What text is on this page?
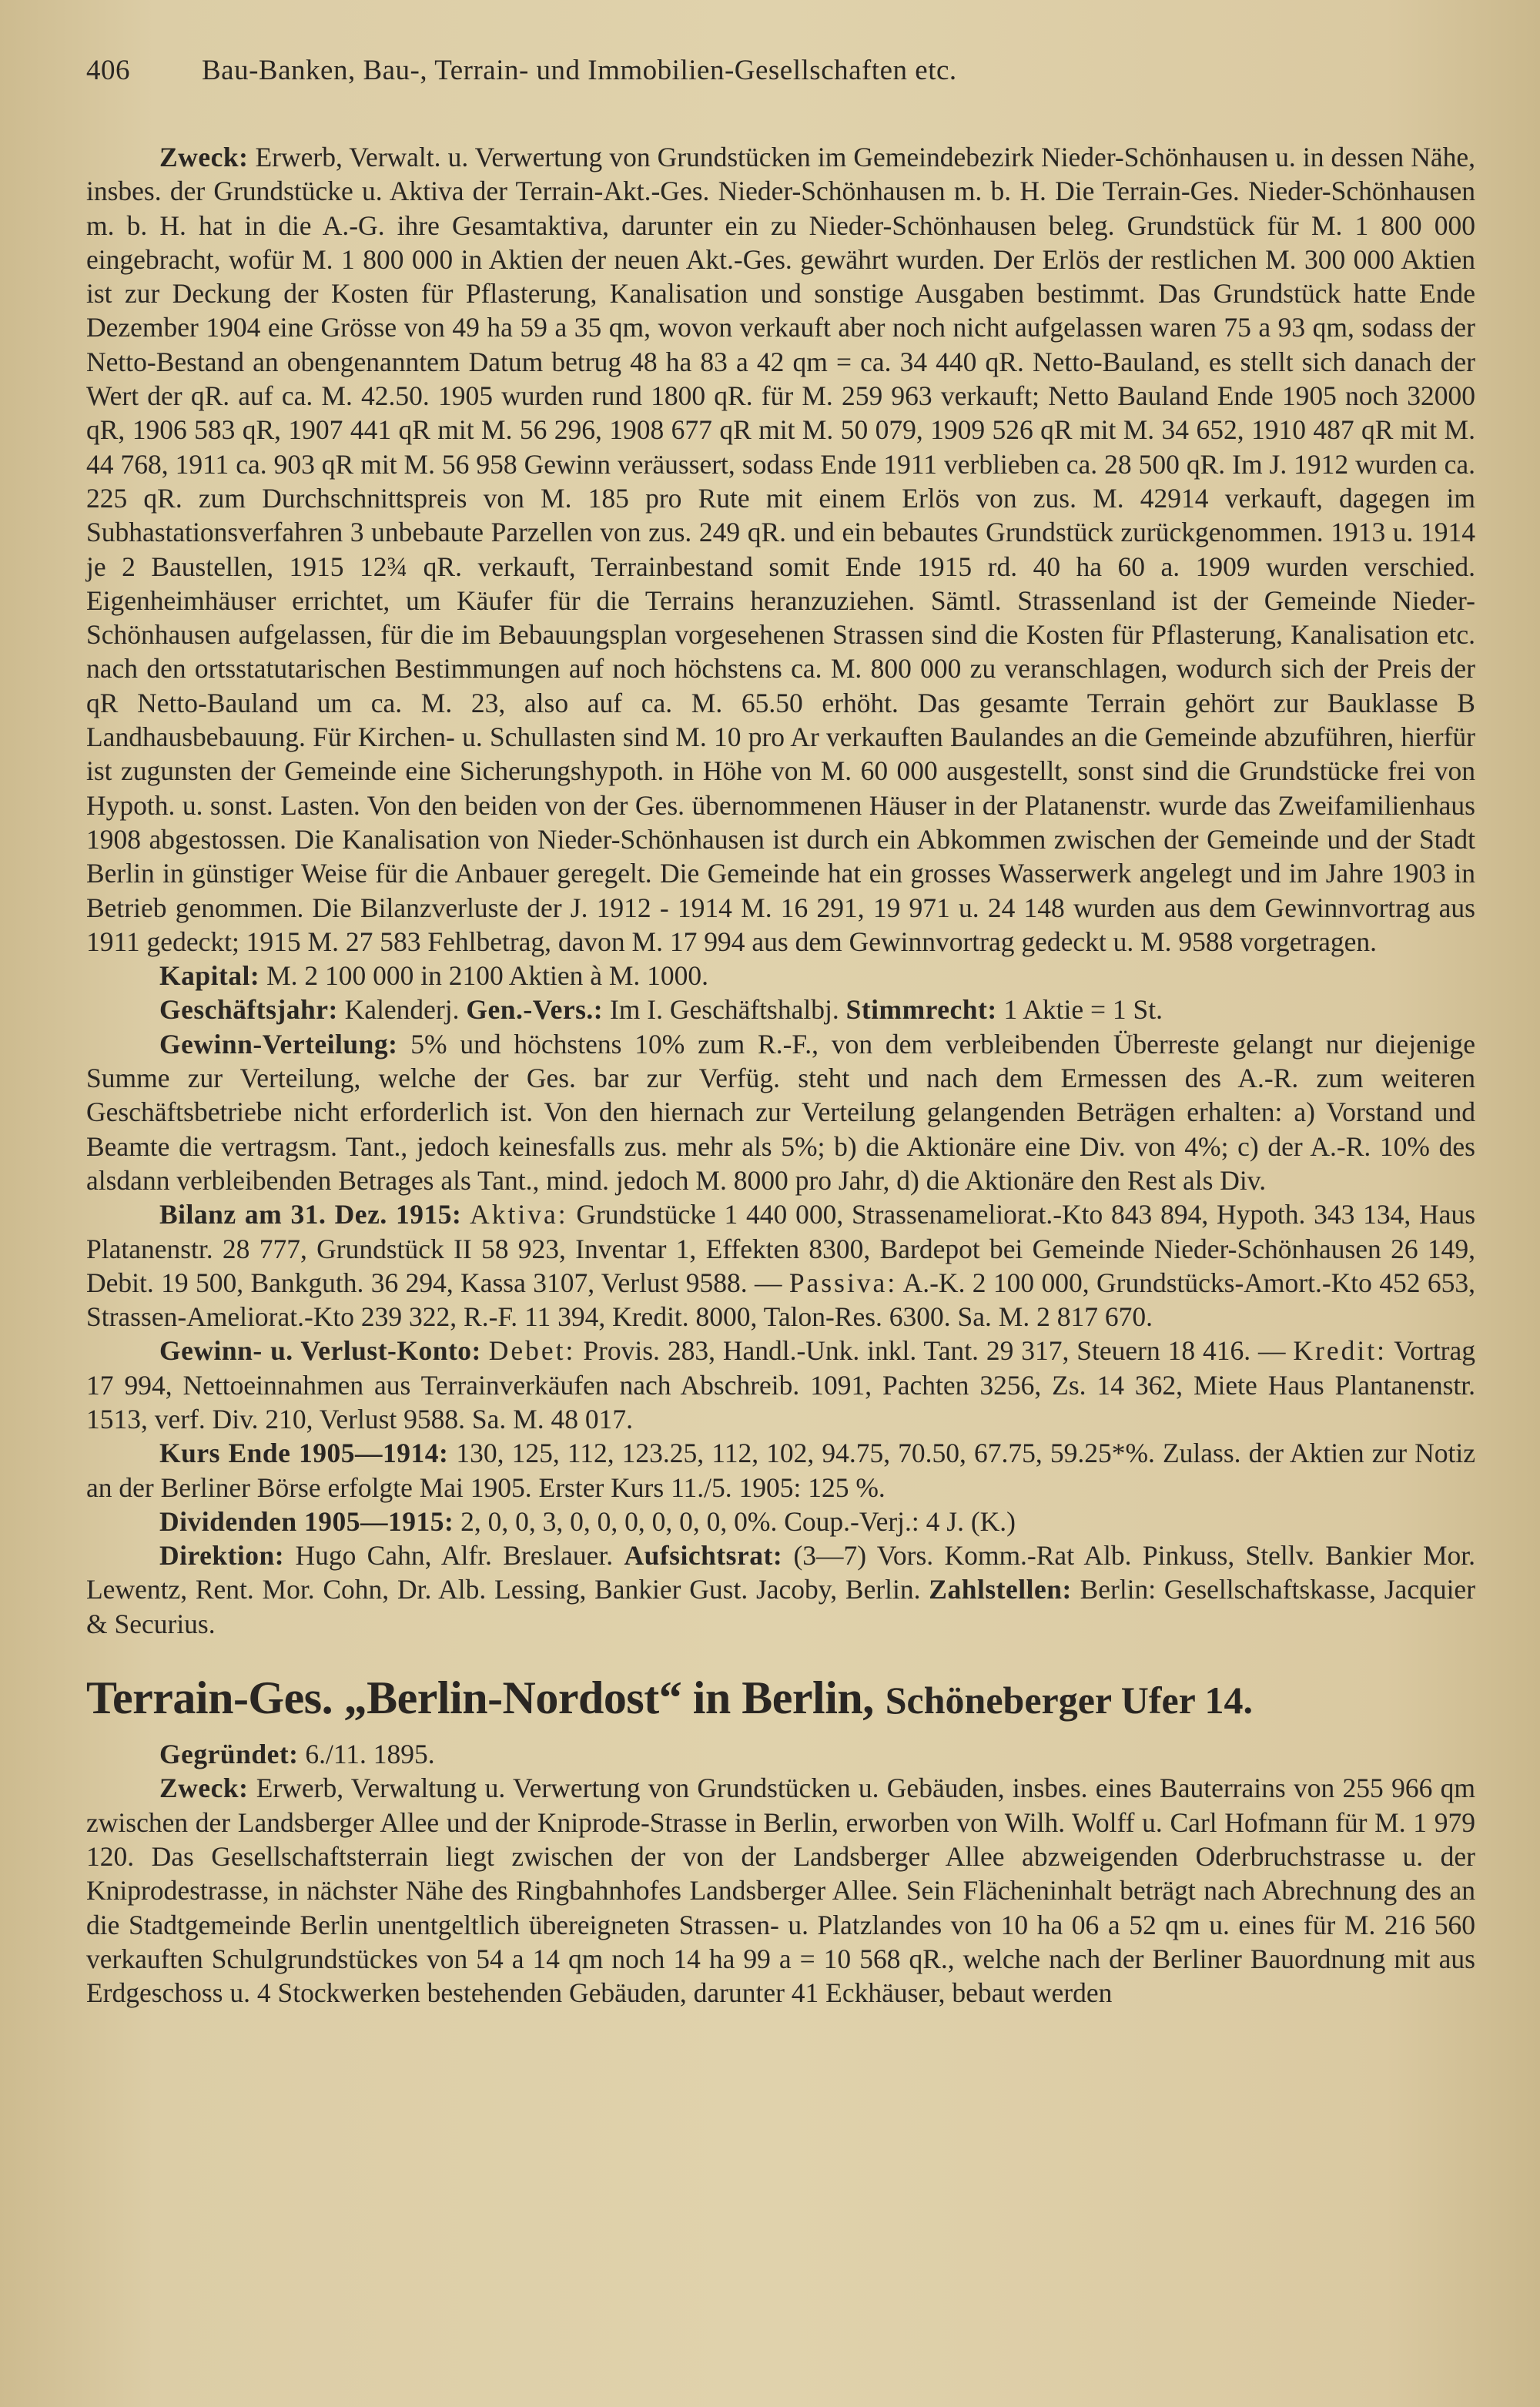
406	Bau-Banken, Bau-, Terrain- und Immobilien-Gesellschaften etc.

Zweck: Erwerb, Verwalt. u. Verwertung von Grundstücken im Gemeindebezirk Nieder-Schönhausen u. in dessen Nähe, insbes. der Grundstücke u. Aktiva der Terrain-Akt.-Ges. Nieder-Schönhausen m. b. H. Die Terrain-Ges. Nieder-Schönhausen m. b. H. hat in die A.-G. ihre Gesamtaktiva, darunter ein zu Nieder-Schönhausen beleg. Grundstück für M. 1 800 000 eingebracht, wofür M. 1 800 000 in Aktien der neuen Akt.-Ges. gewährt wurden. Der Erlös der restlichen M. 300 000 Aktien ist zur Deckung der Kosten für Pflasterung, Kanalisation und sonstige Ausgaben bestimmt. Das Grundstück hatte Ende Dezember 1904 eine Grösse von 49 ha 59 a 35 qm, wovon verkauft aber noch nicht aufgelassen waren 75 a 93 qm, sodass der Netto-Bestand an obengenanntem Datum betrug 48 ha 83 a 42 qm = ca. 34 440 qR. Netto-Bauland, es stellt sich danach der Wert der qR. auf ca. M. 42.50. 1905 wurden rund 1800 qR. für M. 259 963 verkauft; Netto Bauland Ende 1905 noch 32000 qR, 1906 583 qR, 1907 441 qR mit M. 56 296, 1908 677 qR mit M. 50 079, 1909 526 qR mit M. 34 652, 1910 487 qR mit M. 44 768, 1911 ca. 903 qR mit M. 56 958 Gewinn veräussert, sodass Ende 1911 verblieben ca. 28 500 qR. Im J. 1912 wurden ca. 225 qR. zum Durchschnittspreis von M. 185 pro Rute mit einem Erlös von zus. M. 42914 verkauft, dagegen im Subhastationsverfahren 3 unbebaute Parzellen von zus. 249 qR. und ein bebautes Grundstück zurückgenommen. 1913 u. 1914 je 2 Baustellen, 1915 12¾ qR. verkauft, Terrainbestand somit Ende 1915 rd. 40 ha 60 a. 1909 wurden verschied. Eigenheimhäuser errichtet, um Käufer für die Terrains heranzuziehen. Sämtl. Strassenland ist der Gemeinde Nieder-Schönhausen aufgelassen, für die im Bebauungsplan vorgesehenen Strassen sind die Kosten für Pflasterung, Kanalisation etc. nach den ortsstatutarischen Bestimmungen auf noch höchstens ca. M. 800 000 zu veranschlagen, wodurch sich der Preis der qR Netto-Bauland um ca. M. 23, also auf ca. M. 65.50 erhöht. Das gesamte Terrain gehört zur Bauklasse B Landhausbebauung. Für Kirchen- u. Schullasten sind M. 10 pro Ar verkauften Baulandes an die Gemeinde abzuführen, hierfür ist zugunsten der Gemeinde eine Sicherungshypoth. in Höhe von M. 60 000 ausgestellt, sonst sind die Grundstücke frei von Hypoth. u. sonst. Lasten. Von den beiden von der Ges. übernommenen Häuser in der Platanenstr. wurde das Zweifamilienhaus 1908 abgestossen. Die Kanalisation von Nieder-Schönhausen ist durch ein Abkommen zwischen der Gemeinde und der Stadt Berlin in günstiger Weise für die Anbauer geregelt. Die Gemeinde hat ein grosses Wasserwerk angelegt und im Jahre 1903 in Betrieb genommen. Die Bilanzverluste der J. 1912 - 1914 M. 16 291, 19 971 u. 24 148 wurden aus dem Gewinnvortrag aus 1911 gedeckt; 1915 M. 27 583 Fehlbetrag, davon M. 17 994 aus dem Gewinnvortrag gedeckt u. M. 9588 vorgetragen.

Kapital: M. 2 100 000 in 2100 Aktien à M. 1000.

Geschäftsjahr: Kalenderj. Gen.-Vers.: Im I. Geschäftshalbj. Stimmrecht: 1 Aktie = 1 St.

Gewinn-Verteilung: 5% und höchstens 10% zum R.-F., von dem verbleibenden Überreste gelangt nur diejenige Summe zur Verteilung, welche der Ges. bar zur Verfüg. steht und nach dem Ermessen des A.-R. zum weiteren Geschäftsbetriebe nicht erforderlich ist. Von den hiernach zur Verteilung gelangenden Beträgen erhalten: a) Vorstand und Beamte die vertragsm. Tant., jedoch keinesfalls zus. mehr als 5%; b) die Aktionäre eine Div. von 4%; c) der A.-R. 10% des alsdann verbleibenden Betrages als Tant., mind. jedoch M. 8000 pro Jahr, d) die Aktionäre den Rest als Div.

Bilanz am 31. Dez. 1915: Aktiva: Grundstücke 1 440 000, Strassenameliorat.-Kto 843 894, Hypoth. 343 134, Haus Platanenstr. 28 777, Grundstück II 58 923, Inventar 1, Effekten 8300, Bardepot bei Gemeinde Nieder-Schönhausen 26 149, Debit. 19 500, Bankguth. 36 294, Kassa 3107, Verlust 9588. — Passiva: A.-K. 2 100 000, Grundstücks-Amort.-Kto 452 653, Strassen-Ameliorat.-Kto 239 322, R.-F. 11 394, Kredit. 8000, Talon-Res. 6300. Sa. M. 2 817 670.

Gewinn- u. Verlust-Konto: Debet: Provis. 283, Handl.-Unk. inkl. Tant. 29 317, Steuern 18 416. — Kredit: Vortrag 17 994, Nettoeinnahmen aus Terrainverkäufen nach Abschreib. 1091, Pachten 3256, Zs. 14 362, Miete Haus Plantanenstr. 1513, verf. Div. 210, Verlust 9588. Sa. M. 48 017.

Kurs Ende 1905—1914: 130, 125, 112, 123.25, 112, 102, 94.75, 70.50, 67.75, 59.25*%. Zulass. der Aktien zur Notiz an der Berliner Börse erfolgte Mai 1905. Erster Kurs 11./5. 1905: 125 %.

Dividenden 1905—1915: 2, 0, 0, 3, 0, 0, 0, 0, 0, 0, 0%. Coup.-Verj.: 4 J. (K.)

Direktion: Hugo Cahn, Alfr. Breslauer. Aufsichtsrat: (3—7) Vors. Komm.-Rat Alb. Pinkuss, Stellv. Bankier Mor. Lewentz, Rent. Mor. Cohn, Dr. Alb. Lessing, Bankier Gust. Jacoby, Berlin. Zahlstellen: Berlin: Gesellschaftskasse, Jacquier & Securius.

Terrain-Ges. „Berlin-Nordost“ in Berlin, Schöneberger Ufer 14.

Gegründet: 6./11. 1895.

Zweck: Erwerb, Verwaltung u. Verwertung von Grundstücken u. Gebäuden, insbes. eines Bauterrains von 255 966 qm zwischen der Landsberger Allee und der Kniprode-Strasse in Berlin, erworben von Wilh. Wolff u. Carl Hofmann für M. 1 979 120. Das Gesellschaftsterrain liegt zwischen der von der Landsberger Allee abzweigenden Oderbruchstrasse u. der Kniprodestrasse, in nächster Nähe des Ringbahnhofes Landsberger Allee. Sein Flächeninhalt beträgt nach Abrechnung des an die Stadtgemeinde Berlin unentgeltlich übereigneten Strassen- u. Platzlandes von 10 ha 06 a 52 qm u. eines für M. 216 560 verkauften Schulgrundstückes von 54 a 14 qm noch 14 ha 99 a = 10 568 qR., welche nach der Berliner Bauordnung mit aus Erdgeschoss u. 4 Stockwerken bestehenden Gebäuden, darunter 41 Eckhäuser, bebaut werden
